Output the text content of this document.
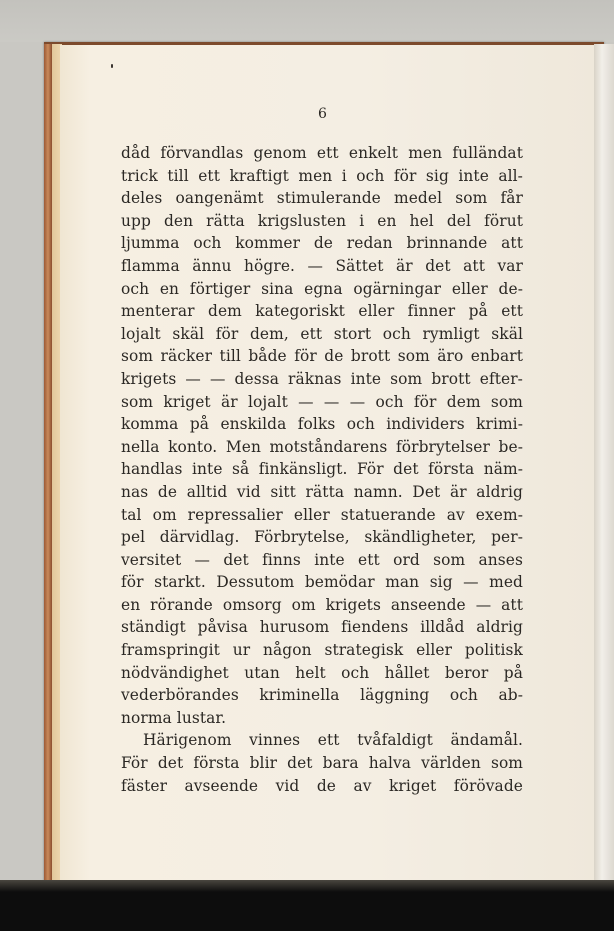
6
dåd förvandlas genom ett enkelt men fulländat
trick till ett kraftigt men i och för sig inte all-
deles oangenämt stimulerande medel som får
upp den rätta krigslusten i en hel del förut
ljumma och kommer de redan brinnande att
flamma ännu högre. — Sättet är det att var
och en förtiger sina egna ogärningar eller de-
menterar dem kategoriskt eller finner på ett
lojalt skäl för dem, ett stort och rymligt skäl
som räcker till både för de brott som äro enbart
krigets — — dessa räknas inte som brott efter-
som kriget är lojalt — — — och för dem som
komma på enskilda folks och individers krimi-
nella konto. Men motståndarens förbrytelser be-
handlas inte så finkänsligt. För det första näm-
nas de alltid vid sitt rätta namn. Det är aldrig
tal om repressalier eller statuerande av exem-
pel därvidlag. Förbrytelse, skändligheter, per-
versitet — det finns inte ett ord som anses
för starkt. Dessutom bemödar man sig — med
en rörande omsorg om krigets anseende — att
ständigt påvisa hurusom fiendens illdåd aldrig
framspringit ur någon strategisk eller politisk
nödvändighet utan helt och hållet beror på
vederbörandes kriminella läggning och ab-
norma lustar.
Härigenom vinnes ett tvåfaldigt ändamål.
För det första blir det bara halva världen som
fäster avseende vid de av kriget förövade
